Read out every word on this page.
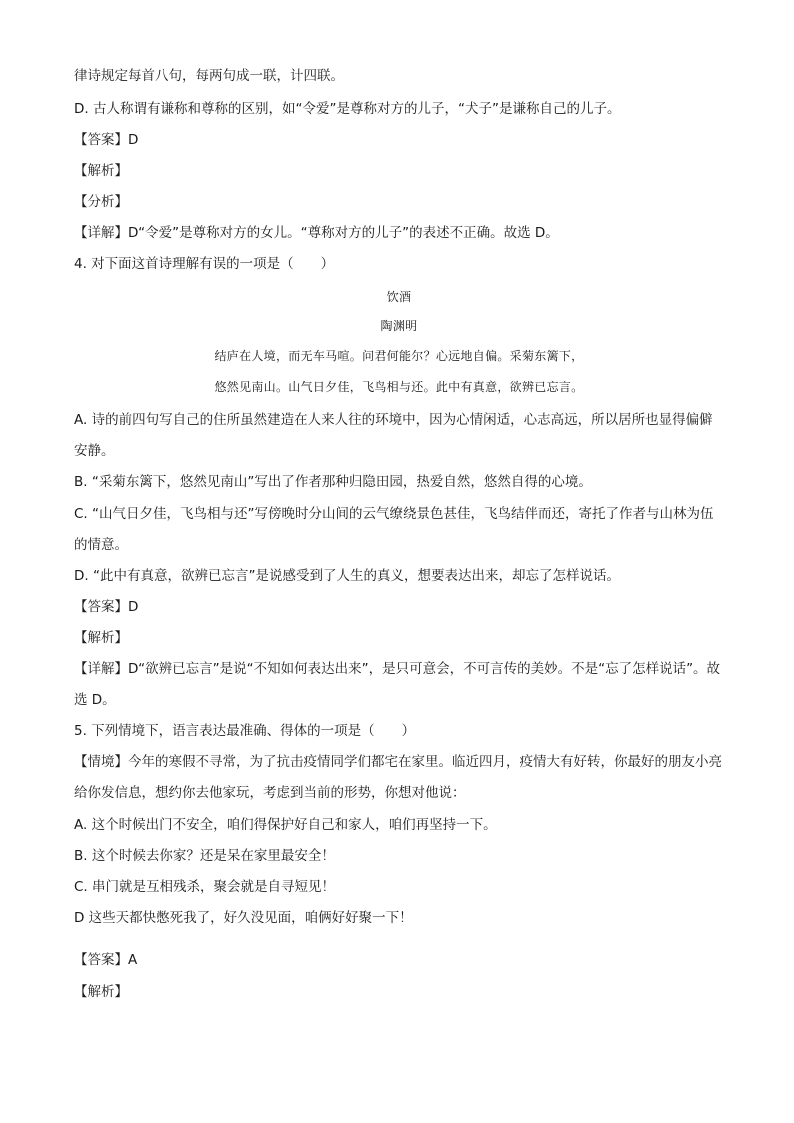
律诗规定每首八句，每两句成一联，计四联。
D. 古人称谓有谦称和尊称的区别，如“令爱”是尊称对方的儿子，“犬子”是谦称自己的儿子。
【答案】D
【解析】
【分析】
【详解】D“令爱”是尊称对方的女儿。“尊称对方的儿子”的表述不正确。故选 D。
4. 对下面这首诗理解有误的一项是（　　）
饮酒
陶渊明
结庐在人境，而无车马喧。问君何能尔？心远地自偏。采菊东篱下，
悠然见南山。山气日夕佳，飞鸟相与还。此中有真意，欲辨已忘言。
A. 诗的前四句写自己的住所虽然建造在人来人往的环境中，因为心情闲适，心志高远，所以居所也显得偏僻安静。
B. “采菊东篱下，悠然见南山”写出了作者那种归隐田园，热爱自然，悠然自得的心境。
C. “山气日夕佳，飞鸟相与还”写傍晚时分山间的云气缭绕景色甚佳，飞鸟结伴而还，寄托了作者与山林为伍的情意。
D. “此中有真意，欲辨已忘言”是说感受到了人生的真义，想要表达出来，却忘了怎样说话。
【答案】D
【解析】
【详解】D“欲辨已忘言”是说“不知如何表达出来”，是只可意会，不可言传的美妙。不是“忘了怎样说话”。故选 D。
5. 下列情境下，语言表达最准确、得体的一项是（　　）
【情境】今年的寒假不寻常，为了抗击疫情同学们都宅在家里。临近四月，疫情大有好转，你最好的朋友小亮给你发信息，想约你去他家玩，考虑到当前的形势，你想对他说：
A. 这个时候出门不安全，咱们得保护好自己和家人，咱们再坚持一下。
B. 这个时候去你家？还是呆在家里最安全！
C. 串门就是互相残杀，聚会就是自寻短见！
D 这些天都快憋死我了，好久没见面，咱俩好好聚一下！
【答案】A
【解析】
